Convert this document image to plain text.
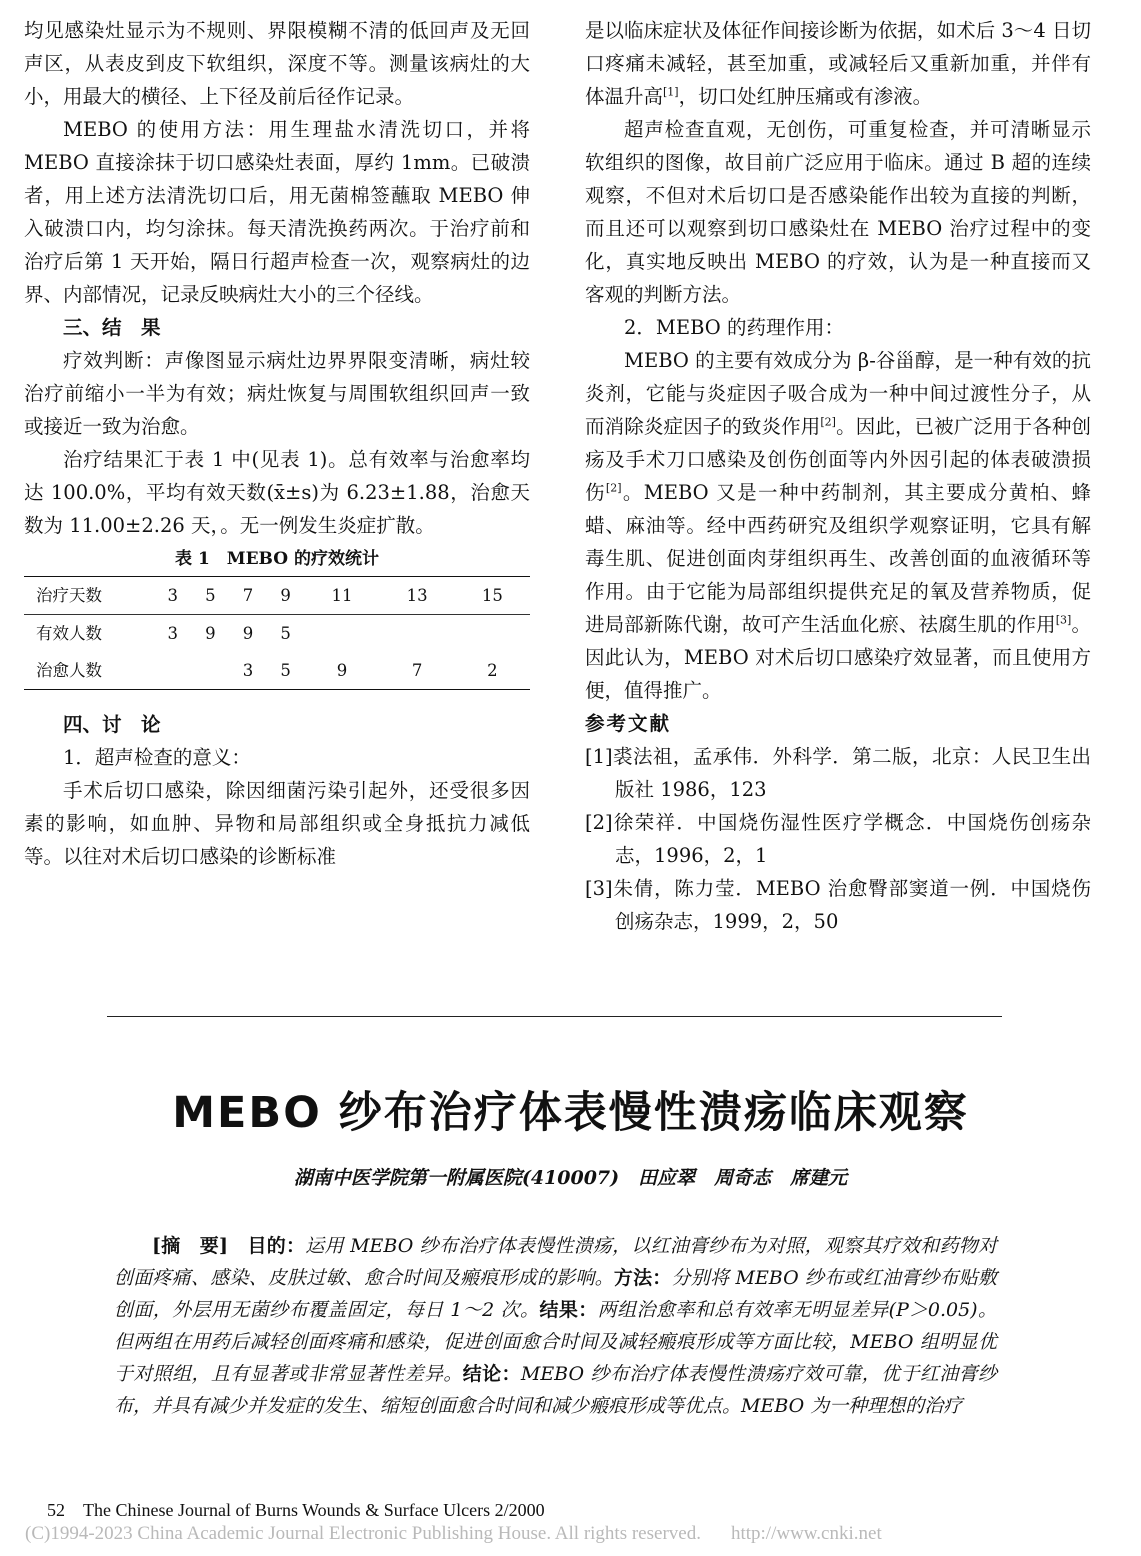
均见感染灶显示为不规则、界限模糊不清的低回声及无回声区，从表皮到皮下软组织，深度不等。测量该病灶的大小，用最大的横径、上下径及前后径作记录。

MEBO 的使用方法：用生理盐水清洗切口，并将 MEBO 直接涂抹于切口感染灶表面，厚约 1mm。已破溃者，用上述方法清洗切口后，用无菌棉签蘸取 MEBO 伸入破溃口内，均匀涂抹。每天清洗换药两次。于治疗前和治疗后第 1 天开始，隔日行超声检查一次，观察病灶的边界、内部情况，记录反映病灶大小的三个径线。

三、结　果

疗效判断：声像图显示病灶边界界限变清晰，病灶较治疗前缩小一半为有效；病灶恢复与周围软组织回声一致或接近一致为治愈。

治疗结果汇于表 1 中(见表 1)。总有效率与治愈率均达 100.0%，平均有效天数(x̄±s)为 6.23±1.88，治愈天数为 11.00±2.26 天，。无一例发生炎症扩散。

表 1　MEBO 的疗效统计
治疗天数	3	5	7	9	11	13	15
有效人数	3	9	9	5			
治愈人数			3	5	9	7	2

四、讨　论

1．超声检查的意义：

手术后切口感染，除因细菌污染引起外，还受很多因素的影响，如血肿、异物和局部组织或全身抵抗力减低等。以往对术后切口感染的诊断标准

是以临床症状及体征作间接诊断为依据，如术后 3～4 日切口疼痛未减轻，甚至加重，或减轻后又重新加重，并伴有体温升高[1]，切口处红肿压痛或有渗液。

超声检查直观，无创伤，可重复检查，并可清晰显示软组织的图像，故目前广泛应用于临床。通过 B 超的连续观察，不但对术后切口是否感染能作出较为直接的判断，而且还可以观察到切口感染灶在 MEBO 治疗过程中的变化，真实地反映出 MEBO 的疗效，认为是一种直接而又客观的判断方法。

2．MEBO 的药理作用：

MEBO 的主要有效成分为 β-谷甾醇，是一种有效的抗炎剂，它能与炎症因子吸合成为一种中间过渡性分子，从而消除炎症因子的致炎作用[2]。因此，已被广泛用于各种创疡及手术刀口感染及创伤创面等内外因引起的体表破溃损伤[2]。MEBO 又是一种中药制剂，其主要成分黄柏、蜂蜡、麻油等。经中西药研究及组织学观察证明，它具有解毒生肌、促进创面肉芽组织再生、改善创面的血液循环等作用。由于它能为局部组织提供充足的氧及营养物质，促进局部新陈代谢，故可产生活血化瘀、祛腐生肌的作用[3]。因此认为，MEBO 对术后切口感染疗效显著，而且使用方便，值得推广。

参考文献

[1]裘法祖，孟承伟．外科学．第二版，北京：人民卫生出版社 1986，123

[2]徐荣祥．中国烧伤湿性医疗学概念．中国烧伤创疡杂志，1996，2，1

[3]朱倩，陈力莹．MEBO 治愈臀部窦道一例．中国烧伤创疡杂志，1999，2，50

MEBO 纱布治疗体表慢性溃疡临床观察
湖南中医学院第一附属医院(410007)　田应翠　周奇志　席建元
[摘　要]　 目的：运用 MEBO 纱布治疗体表慢性溃疡，以红油膏纱布为对照，观察其疗效和药物对创面疼痛、感染、皮肤过敏、愈合时间及瘢痕形成的影响。方法：分别将 MEBO 纱布或红油膏纱布贴敷创面，外层用无菌纱布覆盖固定，每日 1～2 次。结果：两组治愈率和总有效率无明显差异(P＞0.05)。但两组在用药后减轻创面疼痛和感染，促进创面愈合时间及减轻瘢痕形成等方面比较，MEBO 组明显优于对照组，且有显著或非常显著性差异。结论：MEBO 纱布治疗体表慢性溃疡疗效可靠，优于红油膏纱布，并具有减少并发症的发生、缩短创面愈合时间和减少瘢痕形成等优点。MEBO 为一种理想的治疗
52　 The Chinese Journal of Burns Wounds & Surface Ulcers 2/2000
(C)1994-2023 China Academic Journal Electronic Publishing House. All rights reserved. http://www.cnki.net
